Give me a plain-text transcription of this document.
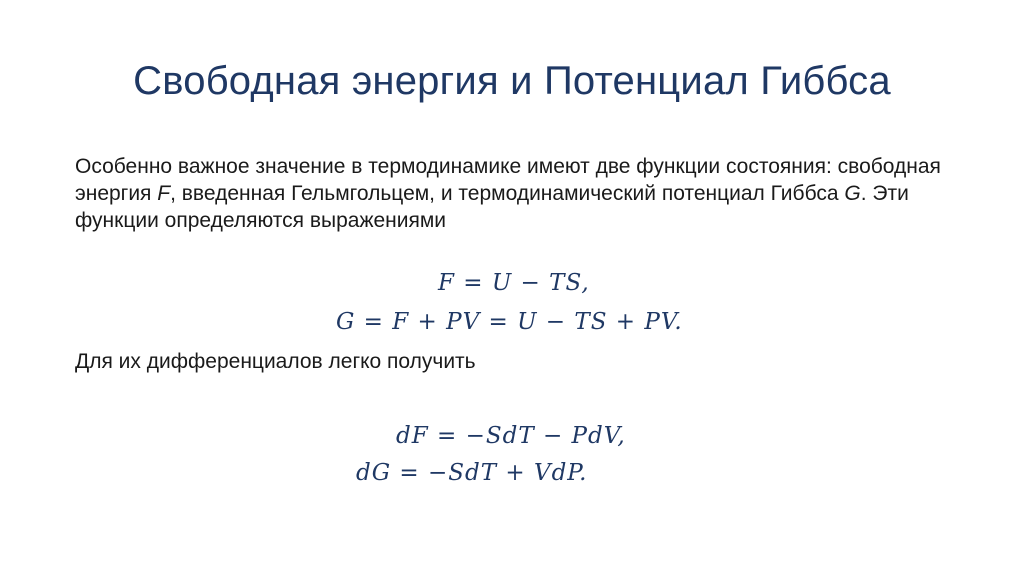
Свободная энергия и Потенциал Гиббса

Особенно важное значение в термодинамике имеют две функции состояния: свободная энергия F, введенная Гельмгольцем, и термодинамический потенциал Гиббса G. Эти функции определяются выражениями

F = U − TS,
G = F + PV = U − TS + PV.
Для их дифференциалов легко получить
dF = −SdT − PdV,
dG = −SdT + VdP.
